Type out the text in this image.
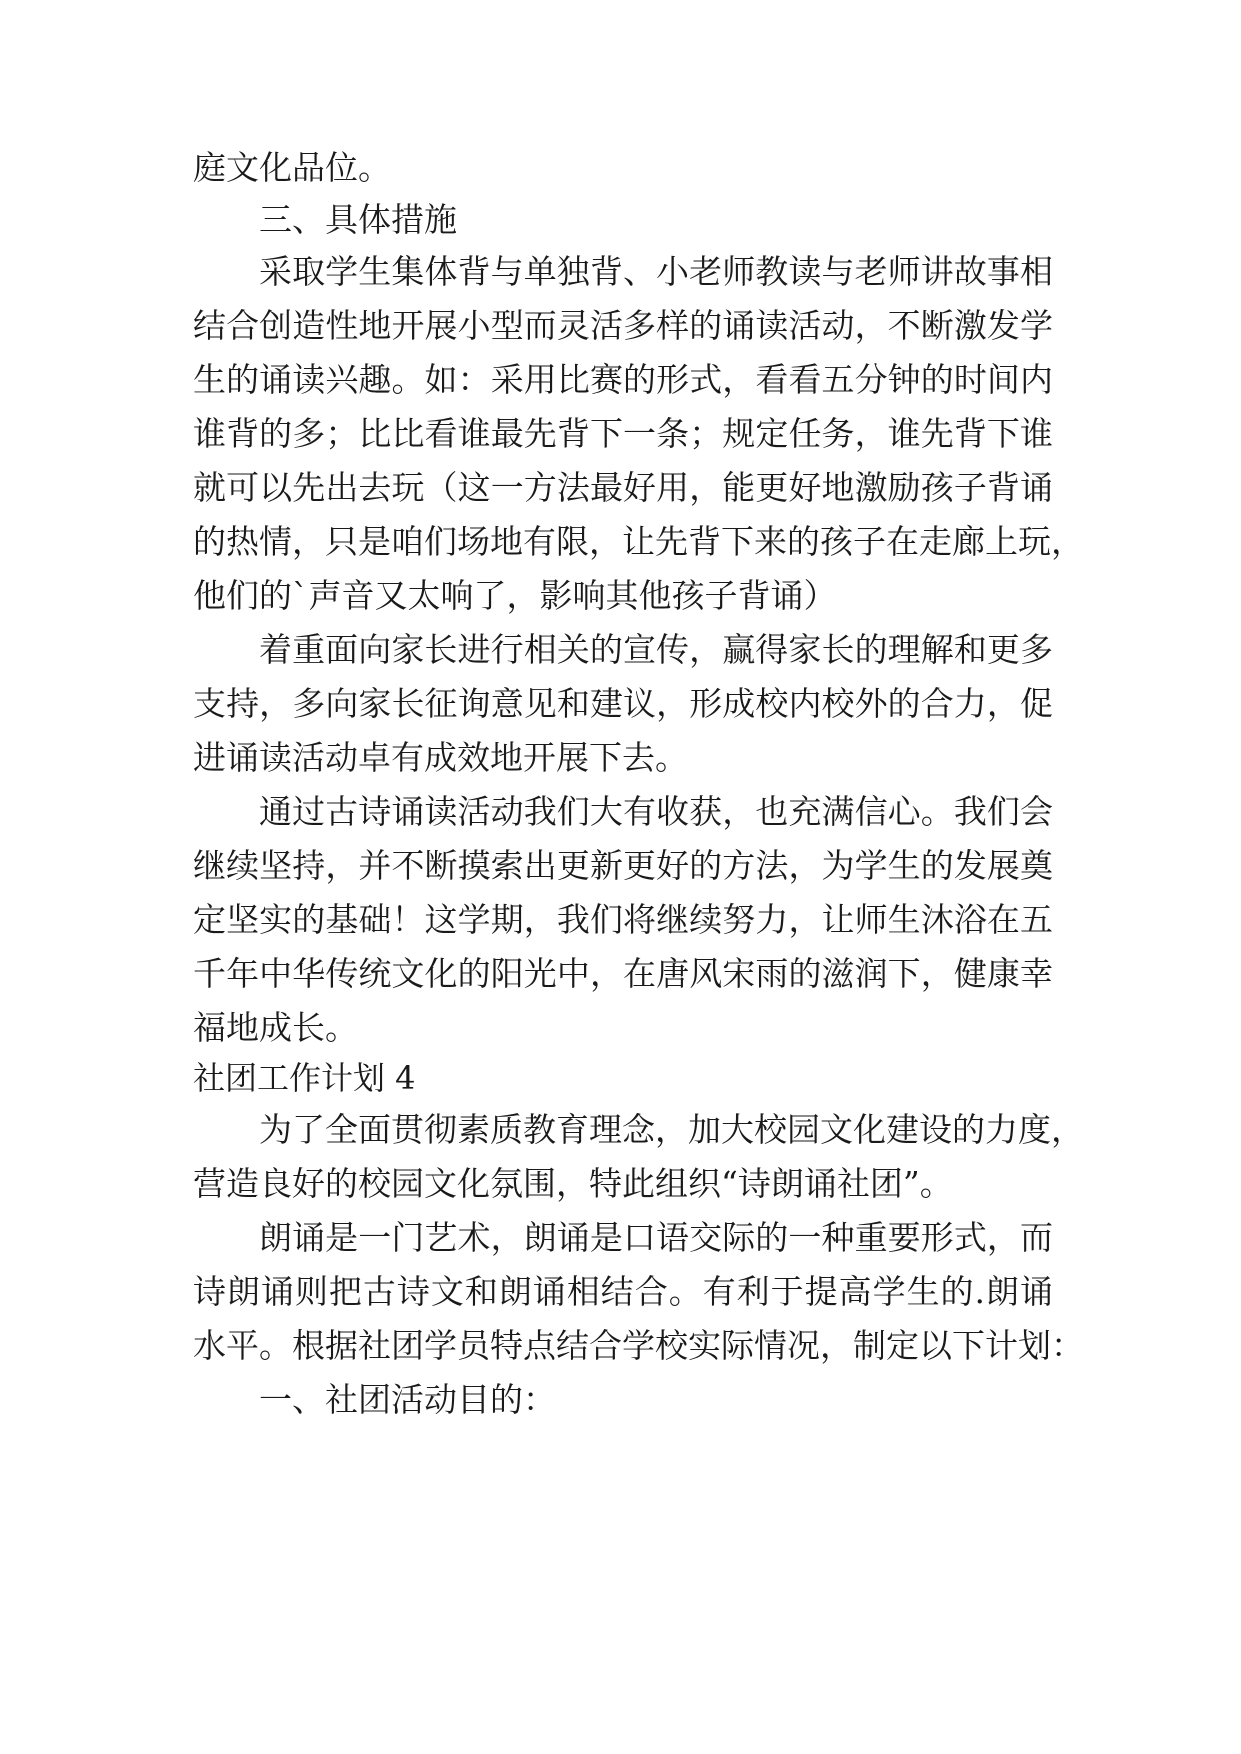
庭文化品位。
三、具体措施
采取学生集体背与单独背、小老师教读与老师讲故事相
结合创造性地开展小型而灵活多样的诵读活动，不断激发学
生的诵读兴趣。如：采用比赛的形式，看看五分钟的时间内
谁背的多；比比看谁最先背下一条；规定任务，谁先背下谁
就可以先出去玩（这一方法最好用，能更好地激励孩子背诵
的热情，只是咱们场地有限，让先背下来的孩子在走廊上玩，
他们的`声音又太响了，影响其他孩子背诵）
着重面向家长进行相关的宣传，赢得家长的理解和更多
支持，多向家长征询意见和建议，形成校内校外的合力，促
进诵读活动卓有成效地开展下去。
通过古诗诵读活动我们大有收获，也充满信心。我们会
继续坚持，并不断摸索出更新更好的方法，为学生的发展奠
定坚实的基础！这学期，我们将继续努力，让师生沐浴在五
千年中华传统文化的阳光中，在唐风宋雨的滋润下，健康幸
福地成长。
社团工作计划 4
为了全面贯彻素质教育理念，加大校园文化建设的力度，
营造良好的校园文化氛围，特此组织“诗朗诵社团”。
朗诵是一门艺术，朗诵是口语交际的一种重要形式，而
诗朗诵则把古诗文和朗诵相结合。有利于提高学生的.朗诵
水平。根据社团学员特点结合学校实际情况，制定以下计划：
一、社团活动目的：
